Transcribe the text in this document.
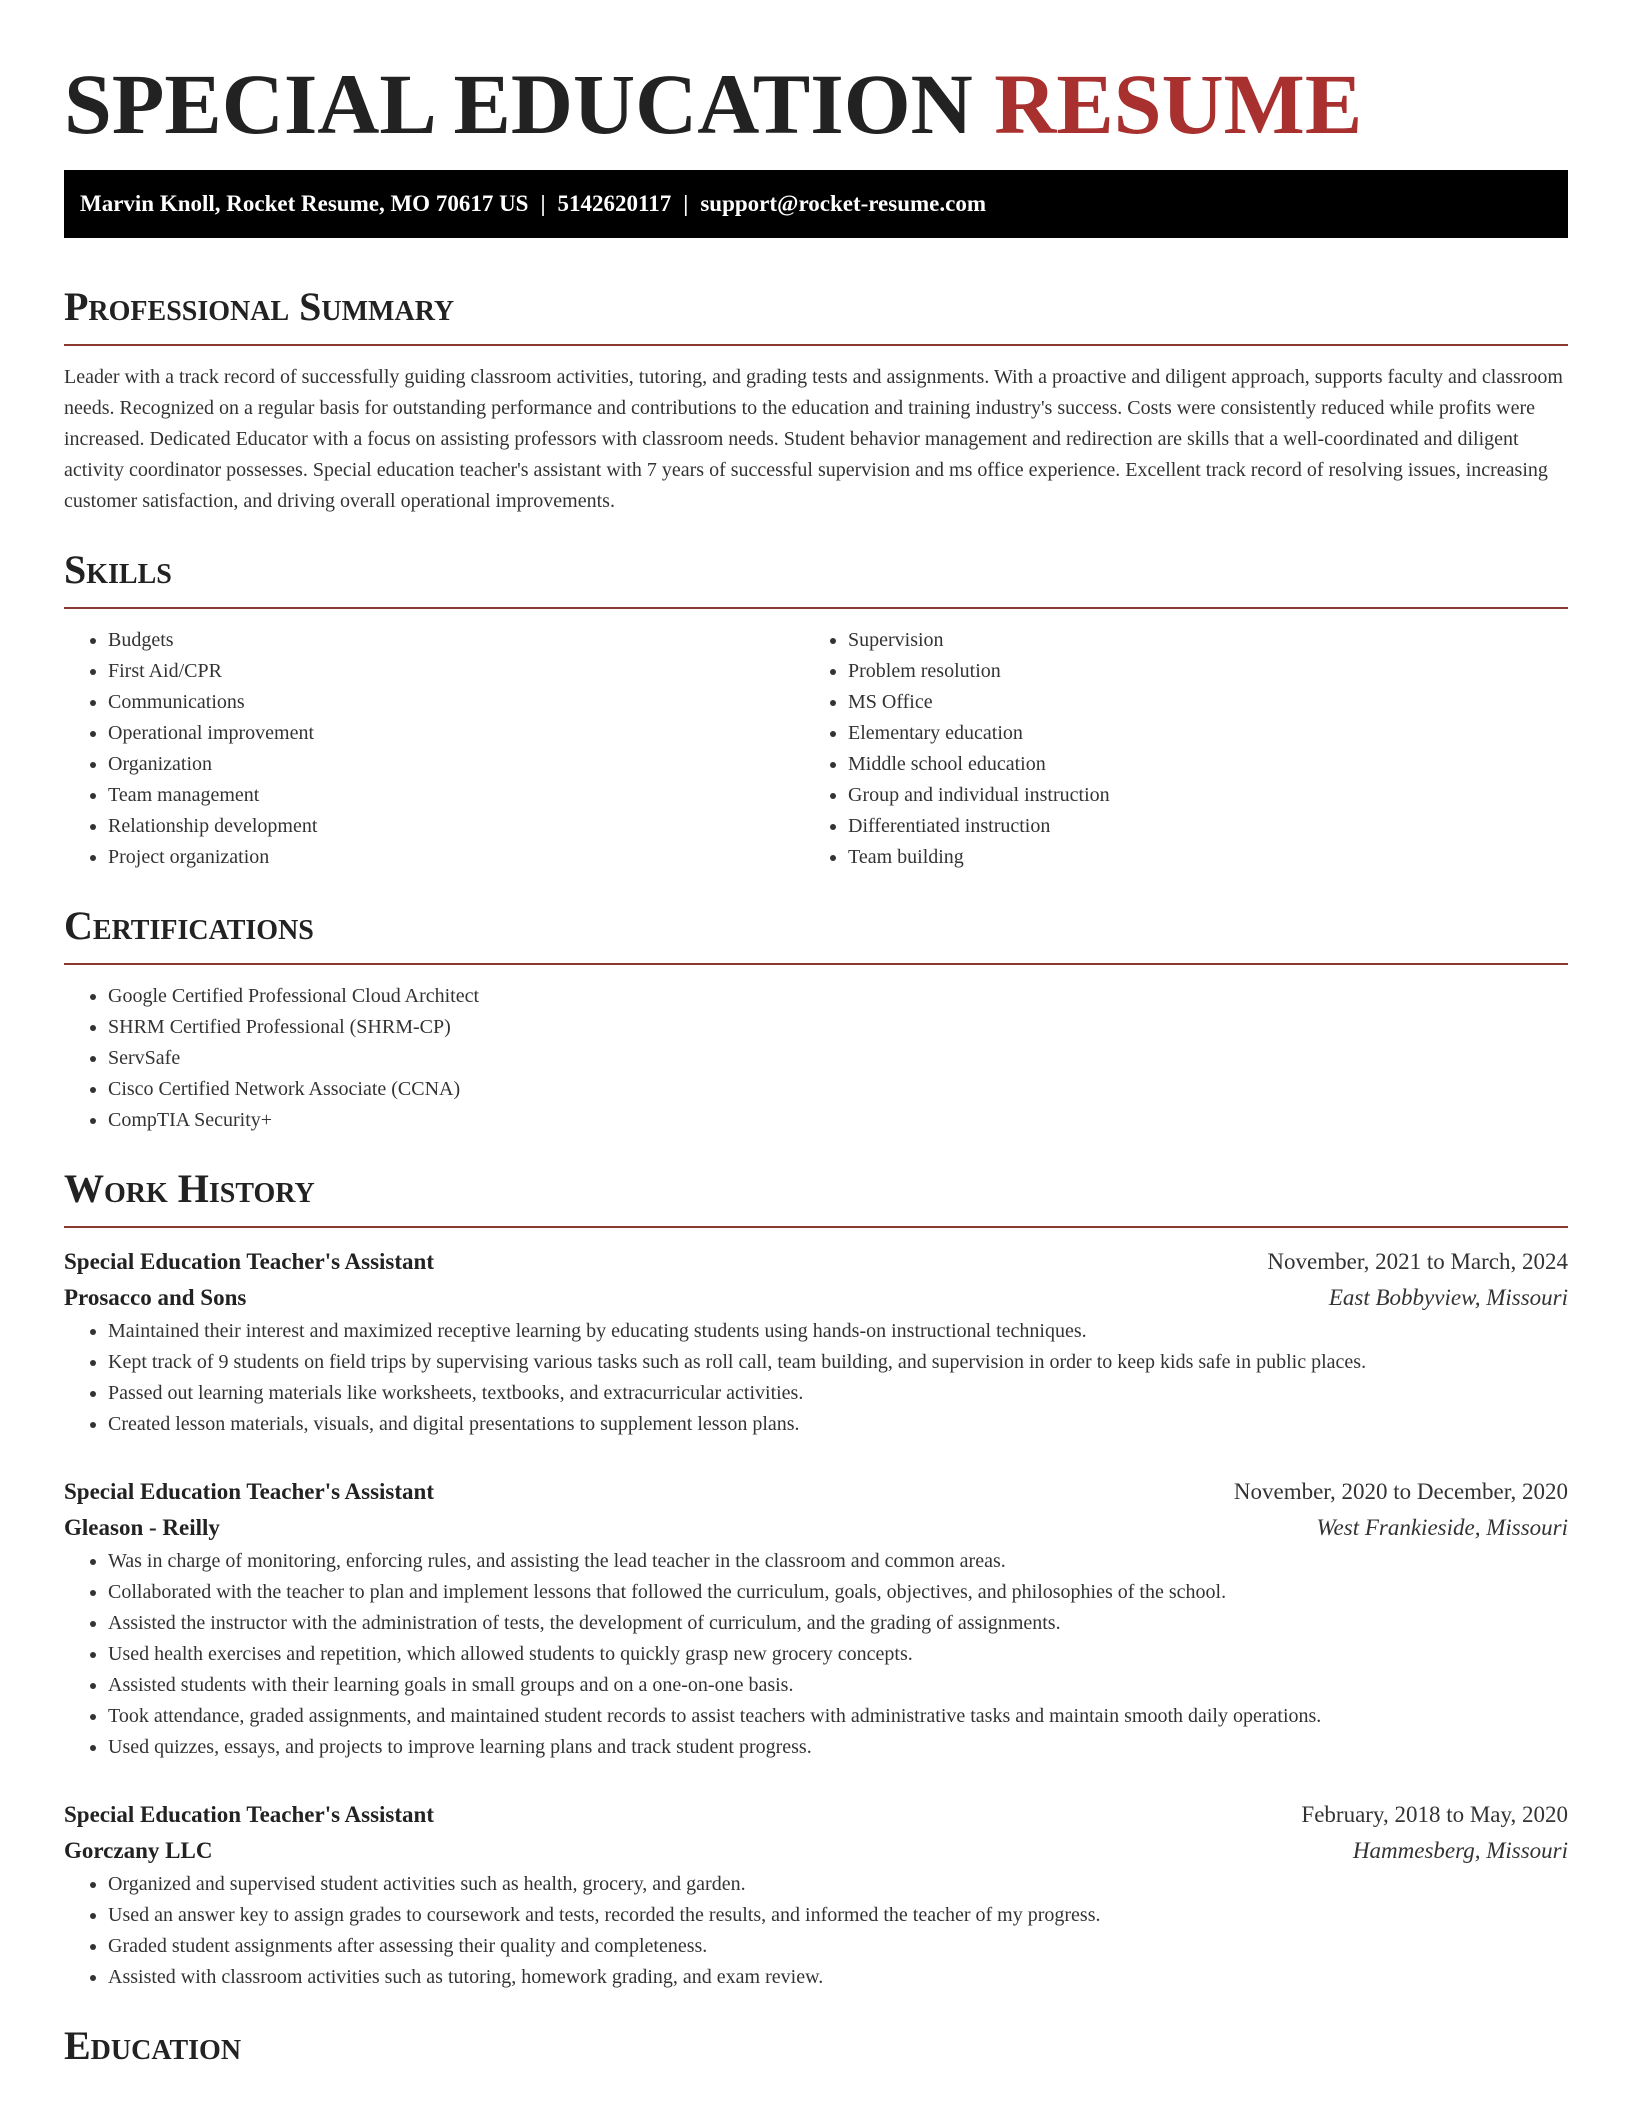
SPECIAL EDUCATION RESUME
Marvin Knoll, Rocket Resume, MO 70617 US | 5142620117 | support@rocket-resume.com
Professional Summary

Leader with a track record of successfully guiding classroom activities, tutoring, and grading tests and assignments. With a proactive and diligent approach, supports faculty and classroom needs. Recognized on a regular basis for outstanding performance and contributions to the education and training industry's success. Costs were consistently reduced while profits were increased. Dedicated Educator with a focus on assisting professors with classroom needs. Student behavior management and redirection are skills that a well-coordinated and diligent activity coordinator possesses. Special education teacher's assistant with 7 years of successful supervision and ms office experience. Excellent track record of resolving issues, increasing customer satisfaction, and driving overall operational improvements.

Skills
• Budgets
• First Aid/CPR
• Communications
• Operational improvement
• Organization
• Team management
• Relationship development
• Project organization
• Supervision
• Problem resolution
• MS Office
• Elementary education
• Middle school education
• Group and individual instruction
• Differentiated instruction
• Team building
Certifications
• Google Certified Professional Cloud Architect
• SHRM Certified Professional (SHRM-CP)
• ServSafe
• Cisco Certified Network Associate (CCNA)
• CompTIA Security+
Work History
Special Education Teacher's Assistant	November, 2021 to March, 2024
Prosacco and Sons	East Bobbyview, Missouri
• Maintained their interest and maximized receptive learning by educating students using hands-on instructional techniques.
• Kept track of 9 students on field trips by supervising various tasks such as roll call, team building, and supervision in order to keep kids safe in public places.
• Passed out learning materials like worksheets, textbooks, and extracurricular activities.
• Created lesson materials, visuals, and digital presentations to supplement lesson plans.
Special Education Teacher's Assistant	November, 2020 to December, 2020
Gleason - Reilly	West Frankieside, Missouri
• Was in charge of monitoring, enforcing rules, and assisting the lead teacher in the classroom and common areas.
• Collaborated with the teacher to plan and implement lessons that followed the curriculum, goals, objectives, and philosophies of the school.
• Assisted the instructor with the administration of tests, the development of curriculum, and the grading of assignments.
• Used health exercises and repetition, which allowed students to quickly grasp new grocery concepts.
• Assisted students with their learning goals in small groups and on a one-on-one basis.
• Took attendance, graded assignments, and maintained student records to assist teachers with administrative tasks and maintain smooth daily operations.
• Used quizzes, essays, and projects to improve learning plans and track student progress.
Special Education Teacher's Assistant	February, 2018 to May, 2020
Gorczany LLC	Hammesberg, Missouri
• Organized and supervised student activities such as health, grocery, and garden.
• Used an answer key to assign grades to coursework and tests, recorded the results, and informed the teacher of my progress.
• Graded student assignments after assessing their quality and completeness.
• Assisted with classroom activities such as tutoring, homework grading, and exam review.
Education
